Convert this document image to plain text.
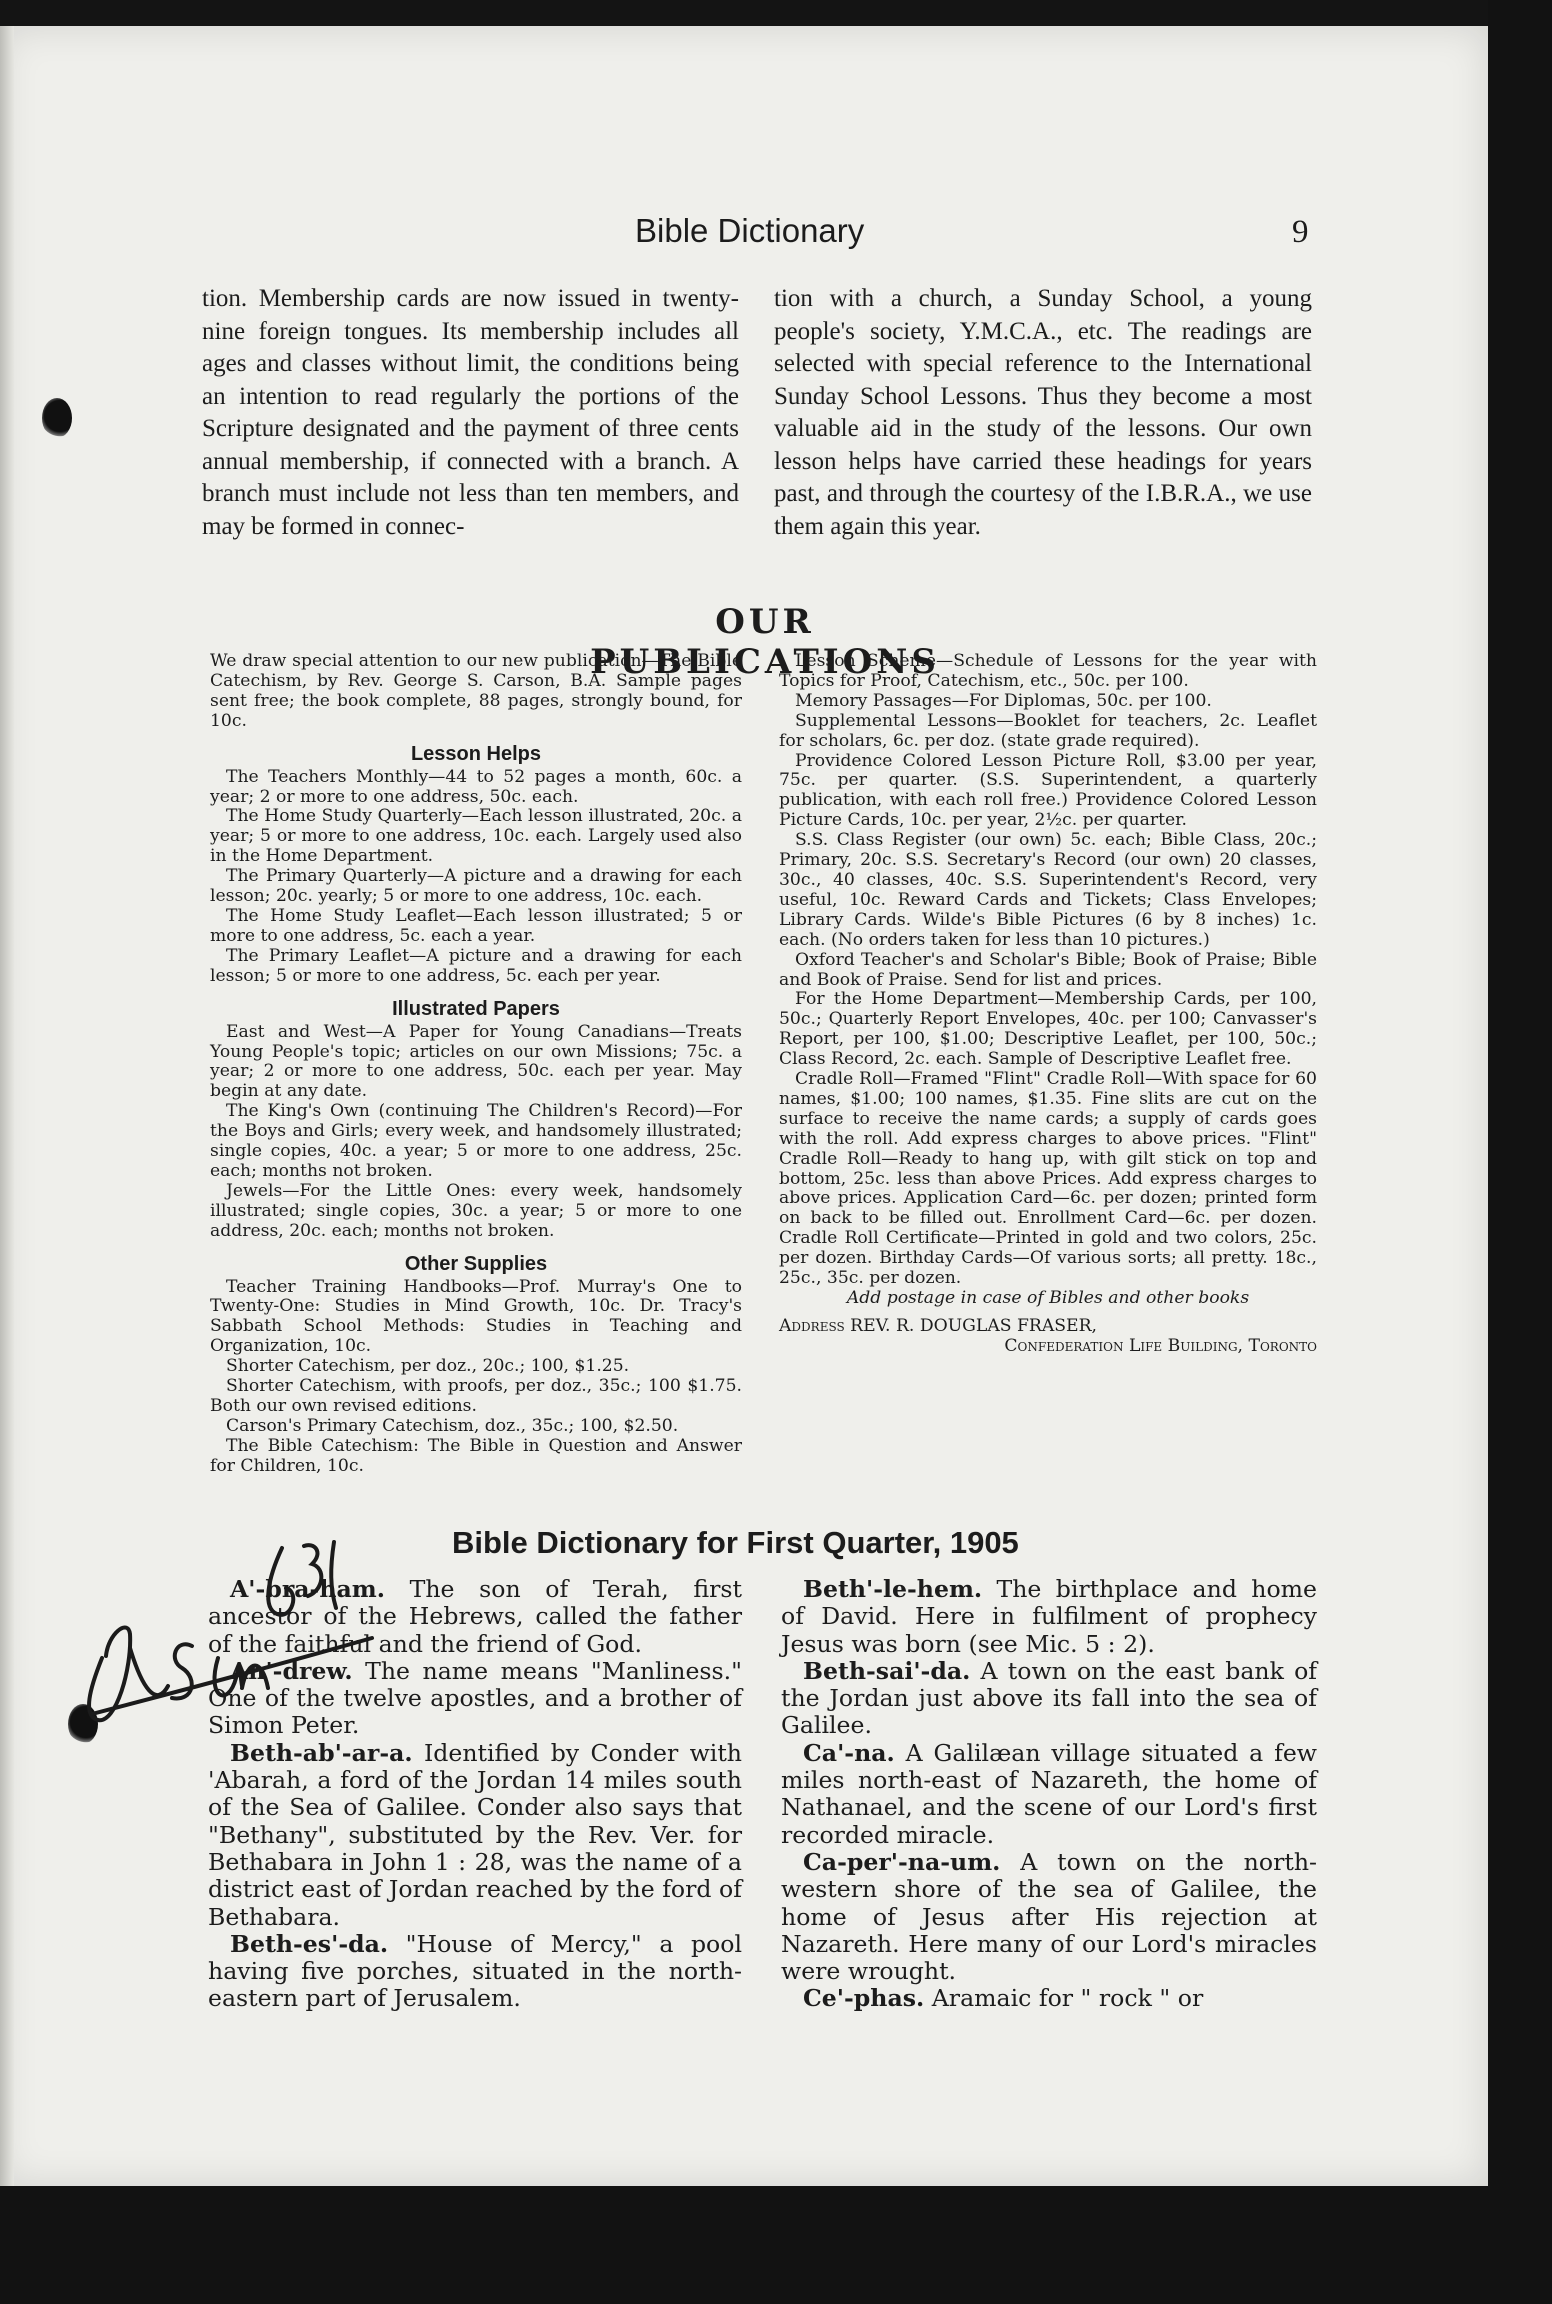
Bible Dictionary	9

tion. Membership cards are now issued in twenty-nine foreign tongues. Its membership includes all ages and classes without limit, the conditions being an intention to read regularly the portions of the Scripture designated and the payment of three cents annual membership, if connected with a branch. A branch must include not less than ten members, and may be formed in connec-

tion with a church, a Sunday School, a young people's society, Y.M.C.A., etc. The readings are selected with special reference to the International Sunday School Lessons. Thus they become a most valuable aid in the study of the lessons. Our own lesson helps have carried these headings for years past, and through the courtesy of the I.B.R.A., we use them again this year.

OUR PUBLICATIONS

We draw special attention to our new publication—The Bible Catechism, by Rev. George S. Carson, B.A. Sample pages sent free; the book complete, 88 pages, strongly bound, for 10c.

Lesson Helps

The Teachers Monthly—44 to 52 pages a month, 60c. a year; 2 or more to one address, 50c. each.

The Home Study Quarterly—Each lesson illustrated, 20c. a year; 5 or more to one address, 10c. each. Largely used also in the Home Department.

The Primary Quarterly—A picture and a drawing for each lesson; 20c. yearly; 5 or more to one address, 10c. each.

The Home Study Leaflet—Each lesson illustrated; 5 or more to one address, 5c. each a year.

The Primary Leaflet—A picture and a drawing for each lesson; 5 or more to one address, 5c. each per year.

Illustrated Papers

East and West—A Paper for Young Canadians—Treats Young People's topic; articles on our own Missions; 75c. a year; 2 or more to one address, 50c. each per year. May begin at any date.

The King's Own (continuing The Children's Record)—For the Boys and Girls; every week, and handsomely illustrated; single copies, 40c. a year; 5 or more to one address, 25c. each; months not broken.

Jewels—For the Little Ones: every week, handsomely illustrated; single copies, 30c. a year; 5 or more to one address, 20c. each; months not broken.

Other Supplies

Teacher Training Handbooks—Prof. Murray's One to Twenty-One: Studies in Mind Growth, 10c. Dr. Tracy's Sabbath School Methods: Studies in Teaching and Organization, 10c.

Shorter Catechism, per doz., 20c.; 100, $1.25.

Shorter Catechism, with proofs, per doz., 35c.; 100 $1.75. Both our own revised editions.

Carson's Primary Catechism, doz., 35c.; 100, $2.50.

The Bible Catechism: The Bible in Question and Answer for Children, 10c.

Lesson Scheme—Schedule of Lessons for the year with Topics for Proof, Catechism, etc., 50c. per 100.

Memory Passages—For Diplomas, 50c. per 100.

Supplemental Lessons—Booklet for teachers, 2c. Leaflet for scholars, 6c. per doz. (state grade required).

Providence Colored Lesson Picture Roll, $3.00 per year, 75c. per quarter. (S.S. Superintendent, a quarterly publication, with each roll free.) Providence Colored Lesson Picture Cards, 10c. per year, 2½c. per quarter.

S.S. Class Register (our own) 5c. each; Bible Class, 20c.; Primary, 20c. S.S. Secretary's Record (our own) 20 classes, 30c., 40 classes, 40c. S.S. Superintendent's Record, very useful, 10c. Reward Cards and Tickets; Class Envelopes; Library Cards. Wilde's Bible Pictures (6 by 8 inches) 1c. each. (No orders taken for less than 10 pictures.)

Oxford Teacher's and Scholar's Bible; Book of Praise; Bible and Book of Praise. Send for list and prices.

For the Home Department—Membership Cards, per 100, 50c.; Quarterly Report Envelopes, 40c. per 100; Canvasser's Report, per 100, $1.00; Descriptive Leaflet, per 100, 50c.; Class Record, 2c. each. Sample of Descriptive Leaflet free.

Cradle Roll—Framed "Flint" Cradle Roll—With space for 60 names, $1.00; 100 names, $1.35. Fine slits are cut on the surface to receive the name cards; a supply of cards goes with the roll. Add express charges to above prices. "Flint" Cradle Roll—Ready to hang up, with gilt stick on top and bottom, 25c. less than above Prices. Add express charges to above prices. Application Card—6c. per dozen; printed form on back to be filled out. Enrollment Card—6c. per dozen. Cradle Roll Certificate—Printed in gold and two colors, 25c. per dozen. Birthday Cards—Of various sorts; all pretty. 18c., 25c., 35c. per dozen.

Add postage in case of Bibles and other books

Address REV. R. DOUGLAS FRASER,

Confederation Life Building, Toronto

Bible Dictionary for First Quarter, 1905

A'-bra-ham. The son of Terah, first ancestor of the Hebrews, called the father of the faithful and the friend of God.

An'-drew. The name means "Manliness." One of the twelve apostles, and a brother of Simon Peter.

Beth-ab'-ar-a. Identified by Conder with 'Abarah, a ford of the Jordan 14 miles south of the Sea of Galilee. Conder also says that "Bethany", substituted by the Rev. Ver. for Bethabara in John 1 : 28, was the name of a district east of Jordan reached by the ford of Bethabara.

Beth-es'-da. "House of Mercy," a pool having five porches, situated in the north-eastern part of Jerusalem.

Beth'-le-hem. The birthplace and home of David. Here in fulfilment of prophecy Jesus was born (see Mic. 5 : 2).

Beth-sai'-da. A town on the east bank of the Jordan just above its fall into the sea of Galilee.

Ca'-na. A Galilæan village situated a few miles north-east of Nazareth, the home of Nathanael, and the scene of our Lord's first recorded miracle.

Ca-per'-na-um. A town on the north-western shore of the sea of Galilee, the home of Jesus after His rejection at Nazareth. Here many of our Lord's miracles were wrought.

Ce'-phas. Aramaic for " rock " or
